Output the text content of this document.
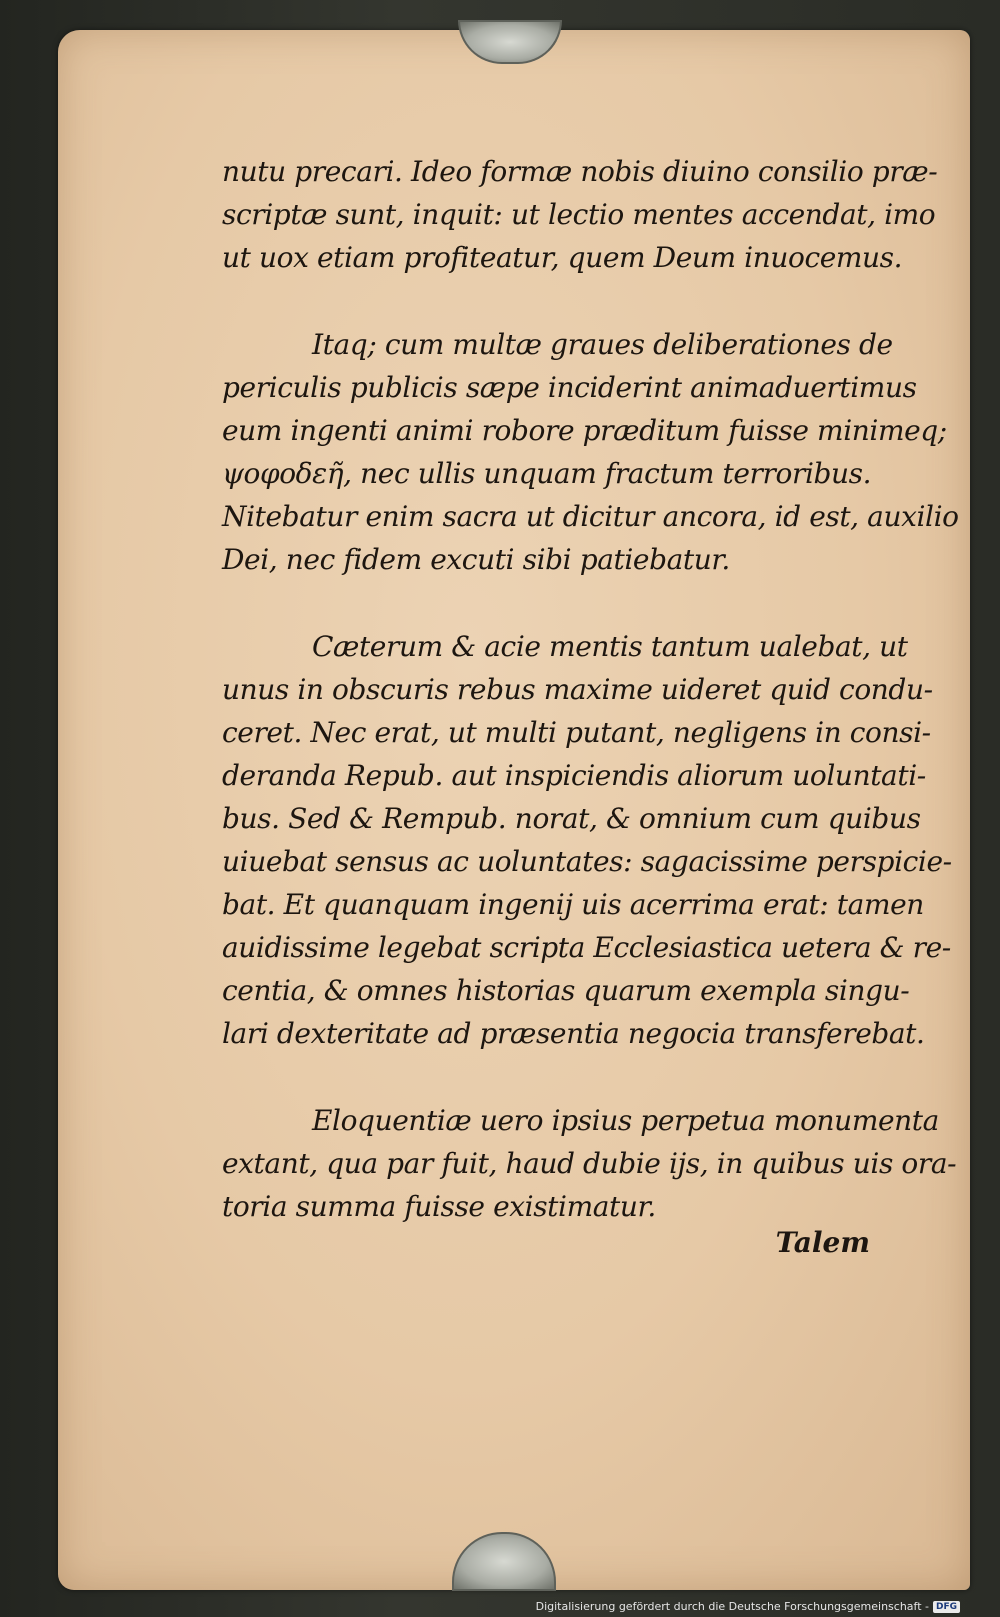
nutu precari. Ideo formæ nobis diuino consilio præ-
scriptæ sunt, inquit: ut lectio mentes accendat, imo
ut uox etiam profiteatur, quem Deum inuocemus.
Itaq; cum multæ graues deliberationes de
periculis publicis sæpe inciderint animaduertimus
eum ingenti animi robore præditum fuisse minimeq;
ψοφοδεῆ, nec ullis unquam fractum terroribus.
Nitebatur enim sacra ut dicitur ancora, id est, auxilio
Dei, nec fidem excuti sibi patiebatur.
Cæterum & acie mentis tantum ualebat, ut
unus in obscuris rebus maxime uideret quid condu-
ceret. Nec erat, ut multi putant, negligens in consi-
deranda Repub. aut inspiciendis aliorum uoluntati-
bus. Sed & Rempub. norat, & omnium cum quibus
uiuebat sensus ac uoluntates: sagacissime perspicie-
bat. Et quanquam ingenij uis acerrima erat: tamen
auidissime legebat scripta Ecclesiastica uetera & re-
centia, & omnes historias quarum exempla singu-
lari dexteritate ad præsentia negocia transferebat.
Eloquentiæ uero ipsius perpetua monumenta
extant, qua par fuit, haud dubie ijs, in quibus uis ora-
toria summa fuisse existimatur.
Talem
Digitalisierung gefördert durch die Deutsche Forschungsgemeinschaft - DFG
